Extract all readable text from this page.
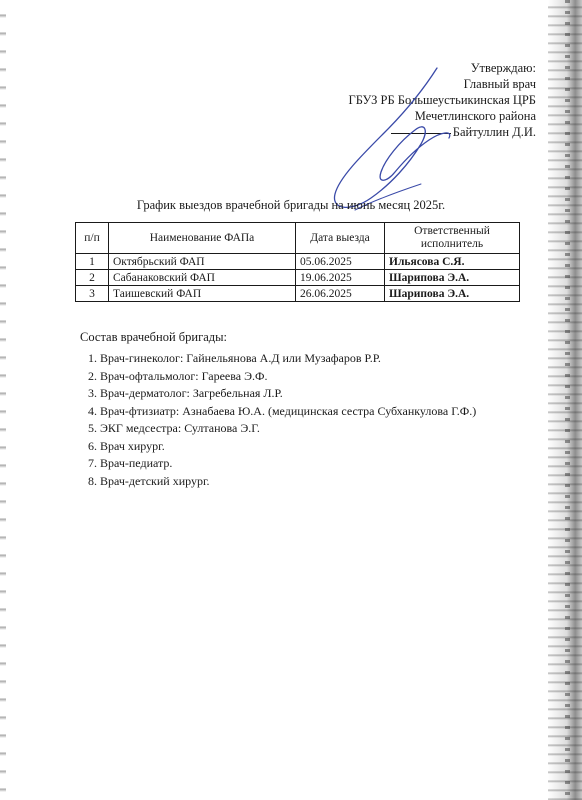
Утверждаю:
Главный врач
ГБУЗ РБ Большеустьикинская ЦРБ
Мечетлинского района
Байтуллин Д.И.
График выездов врачебной бригады на июнь месяц 2025г.
п/п	Наименование ФАПа	Дата выезда	Ответственный исполнитель
1	Октябрьский ФАП	05.06.2025	Ильясова С.Я.
2	Сабанаковский ФАП	19.06.2025	Шарипова Э.А.
3	Таишевский ФАП	26.06.2025	Шарипова Э.А.
Состав врачебной бригады:
1. Врач-гинеколог: Гайнельянова А.Д или Музафаров Р.Р.
2. Врач-офтальмолог: Гареева Э.Ф.
3. Врач-дерматолог: Загребельная Л.Р.
4. Врач-фтизиатр: Азнабаева Ю.А. (медицинская сестра Субханкулова Г.Ф.)
5. ЭКГ медсестра: Султанова Э.Г.
6. Врач хирург.
7. Врач-педиатр.
8. Врач-детский хирург.
